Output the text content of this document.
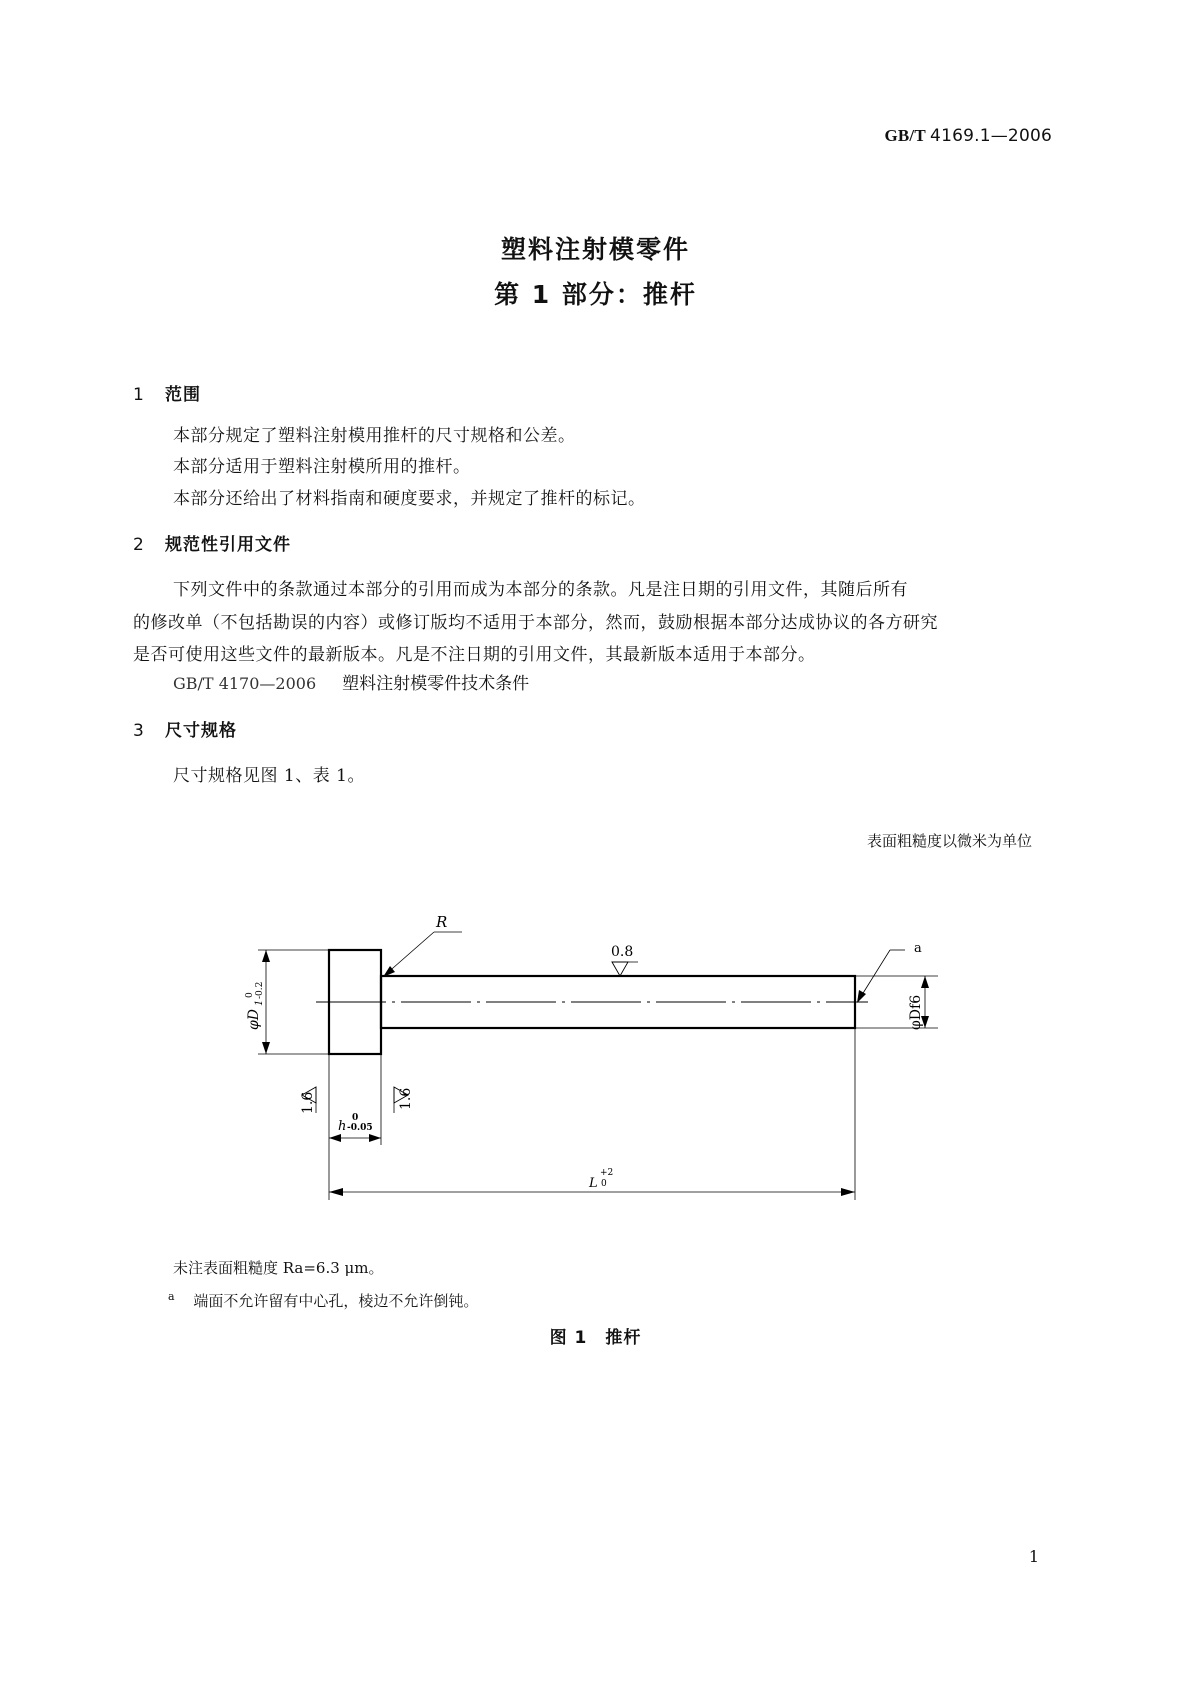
GB/T 4169.1—2006
塑料注射模零件
第 1 部分：推杆
1 范围
本部分规定了塑料注射模用推杆的尺寸规格和公差。
本部分适用于塑料注射模所用的推杆。
本部分还给出了材料指南和硬度要求，并规定了推杆的标记。
2 规范性引用文件
下列文件中的条款通过本部分的引用而成为本部分的条款。凡是注日期的引用文件，其随后所有
的修改单（不包括勘误的内容）或修订版均不适用于本部分，然而，鼓励根据本部分达成协议的各方研究
是否可使用这些文件的最新版本。凡是不注日期的引用文件，其最新版本适用于本部分。
GB/T 4170—2006 塑料注射模零件技术条件
3 尺寸规格
尺寸规格见图 1、表 1。
表面粗糙度以微米为单位
R
0.8	a
φD
1
0 -0.2
φDf6
1.6	1.6
h
0
-0.05
L
+2
0
未注表面粗糙度 Ra=6.3 μm。
$^a$ 端面不允许留有中心孔，棱边不允许倒钝。
图 1　推杆
1
